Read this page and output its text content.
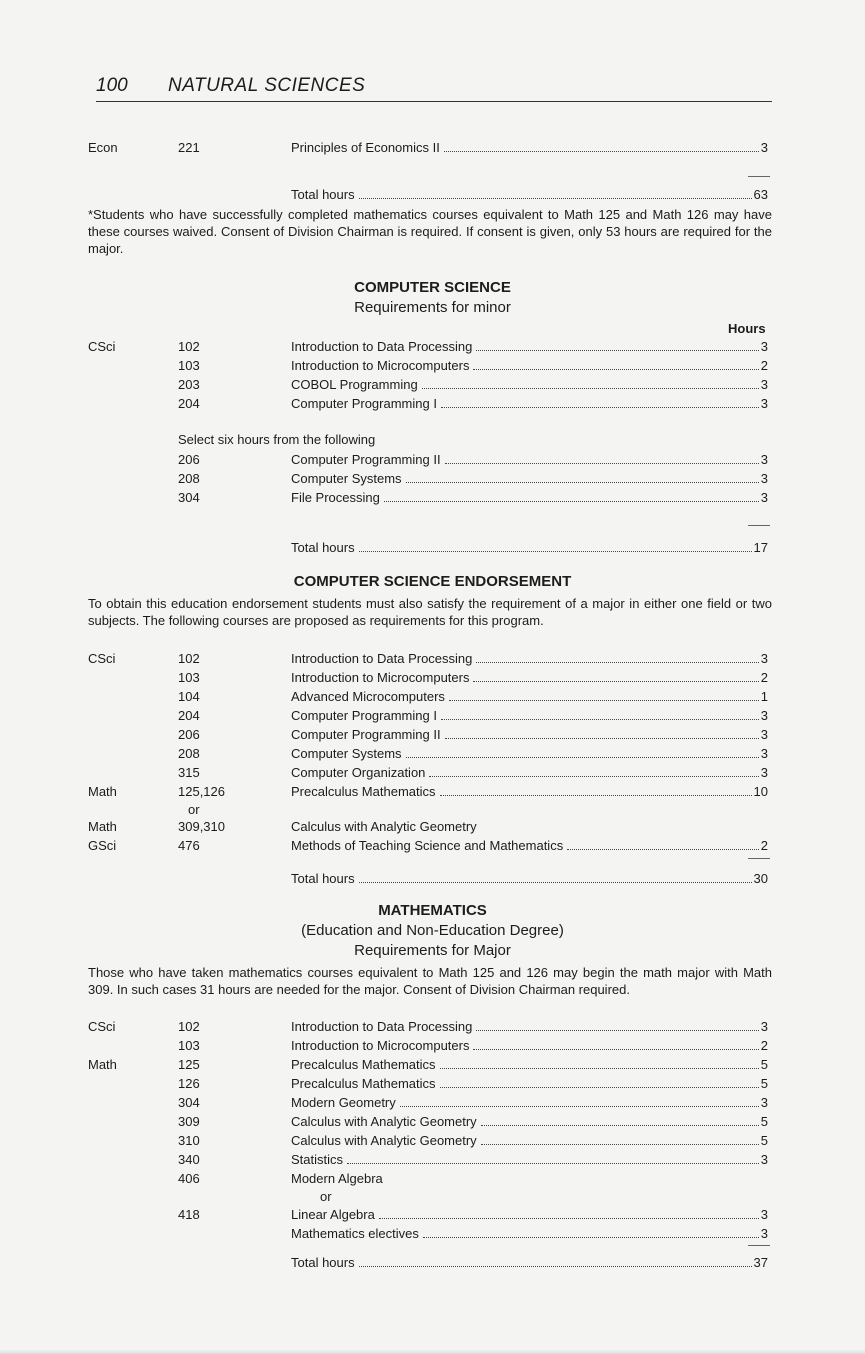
100 NATURAL SCIENCES
Econ	221	Principles of Economics II	3
Total hours	63
*Students who have successfully completed mathematics courses equivalent to Math 125 and Math 126 may have these courses waived. Consent of Division Chairman is required. If consent is given, only 53 hours are required for the major.
COMPUTER SCIENCE
Requirements for minor
Hours
CSci	102	Introduction to Data Processing	3
103	Introduction to Microcomputers	2
203	COBOL Programming	3
204	Computer Programming I	3
Select six hours from the following
206	Computer Programming II	3
208	Computer Systems	3
304	File Processing	3
Total hours	17
COMPUTER SCIENCE ENDORSEMENT
To obtain this education endorsement students must also satisfy the requirement of a major in either one field or two subjects. The following courses are proposed as requirements for this program.
CSci	102	Introduction to Data Processing	3
103	Introduction to Microcomputers	2
104	Advanced Microcomputers	1
204	Computer Programming I	3
206	Computer Programming II	3
208	Computer Systems	3
315	Computer Organization	3
Math	125,126	Precalculus Mathematics	10
or
Math	309,310	Calculus with Analytic Geometry
GSci	476	Methods of Teaching Science and Mathematics	2
Total hours	30
MATHEMATICS
(Education and Non-Education Degree)
Requirements for Major
Those who have taken mathematics courses equivalent to Math 125 and 126 may begin the math major with Math 309. In such cases 31 hours are needed for the major. Consent of Division Chairman required.
CSci	102	Introduction to Data Processing	3
103	Introduction to Microcomputers	2
Math	125	Precalculus Mathematics	5
126	Precalculus Mathematics	5
304	Modern Geometry	3
309	Calculus with Analytic Geometry	5
310	Calculus with Analytic Geometry	5
340	Statistics	3
406	Modern Algebra
or
418	Linear Algebra	3
Mathematics electives	3
Total hours	37
